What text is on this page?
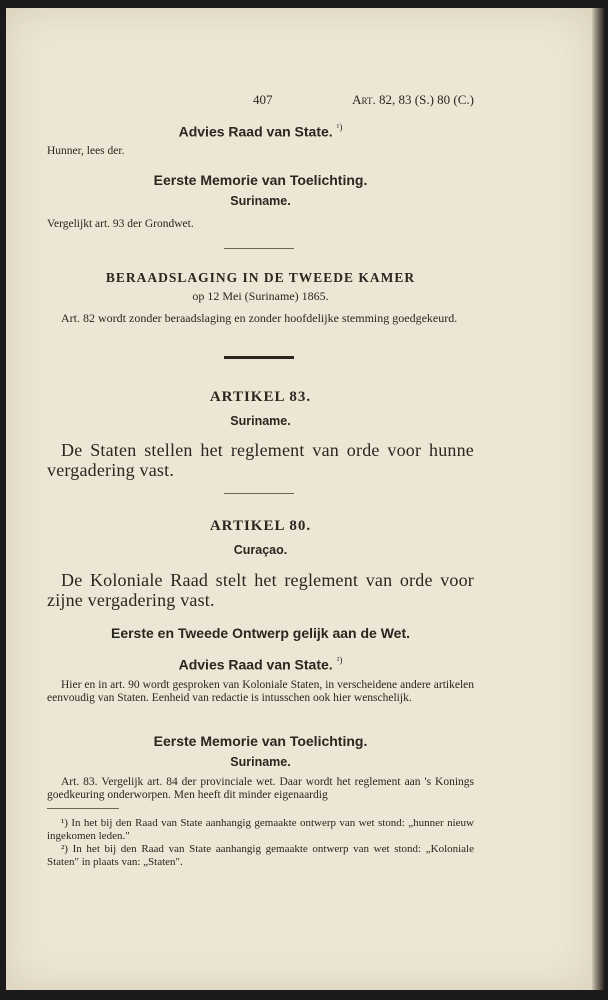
407	Art. 82, 83 (S.) 80 (C.)
Advies Raad van State. $^{^1)}$
Hunner, lees der.
Eerste Memorie van Toelichting.
Suriname.
Vergelijkt art. 93 der Grondwet.
BERAADSLAGING IN DE TWEEDE KAMER
op 12 Mei (Suriname) 1865.
Art. 82 wordt zonder beraadslaging en zonder hoofdelijke stemming goedgekeurd.
ARTIKEL 83.
Suriname.
De Staten stellen het reglement van orde voor hunne vergadering vast.
ARTIKEL 80.
Curaçao.
De Koloniale Raad stelt het reglement van orde voor zijne vergadering vast.
Eerste en Tweede Ontwerp gelijk aan de Wet.
Advies Raad van State. $^{^2)}$
Hier en in art. 90 wordt gesproken van Koloniale Staten, in verscheidene andere artikelen eenvoudig van Staten. Eenheid van redactie is intusschen ook hier wenschelijk.
Eerste Memorie van Toelichting.
Suriname.
Art. 83. Vergelijk art. 84 der provinciale wet. Daar wordt het reglement aan 's Konings goedkeuring onderworpen. Men heeft dit minder eigenaardig
¹) In het bij den Raad van State aanhangig gemaakte ontwerp van wet stond: „hunner nieuw ingekomen leden."
²) In het bij den Raad van State aanhangig gemaakte ontwerp van wet stond: „Koloniale Staten" in plaats van: „Staten".
